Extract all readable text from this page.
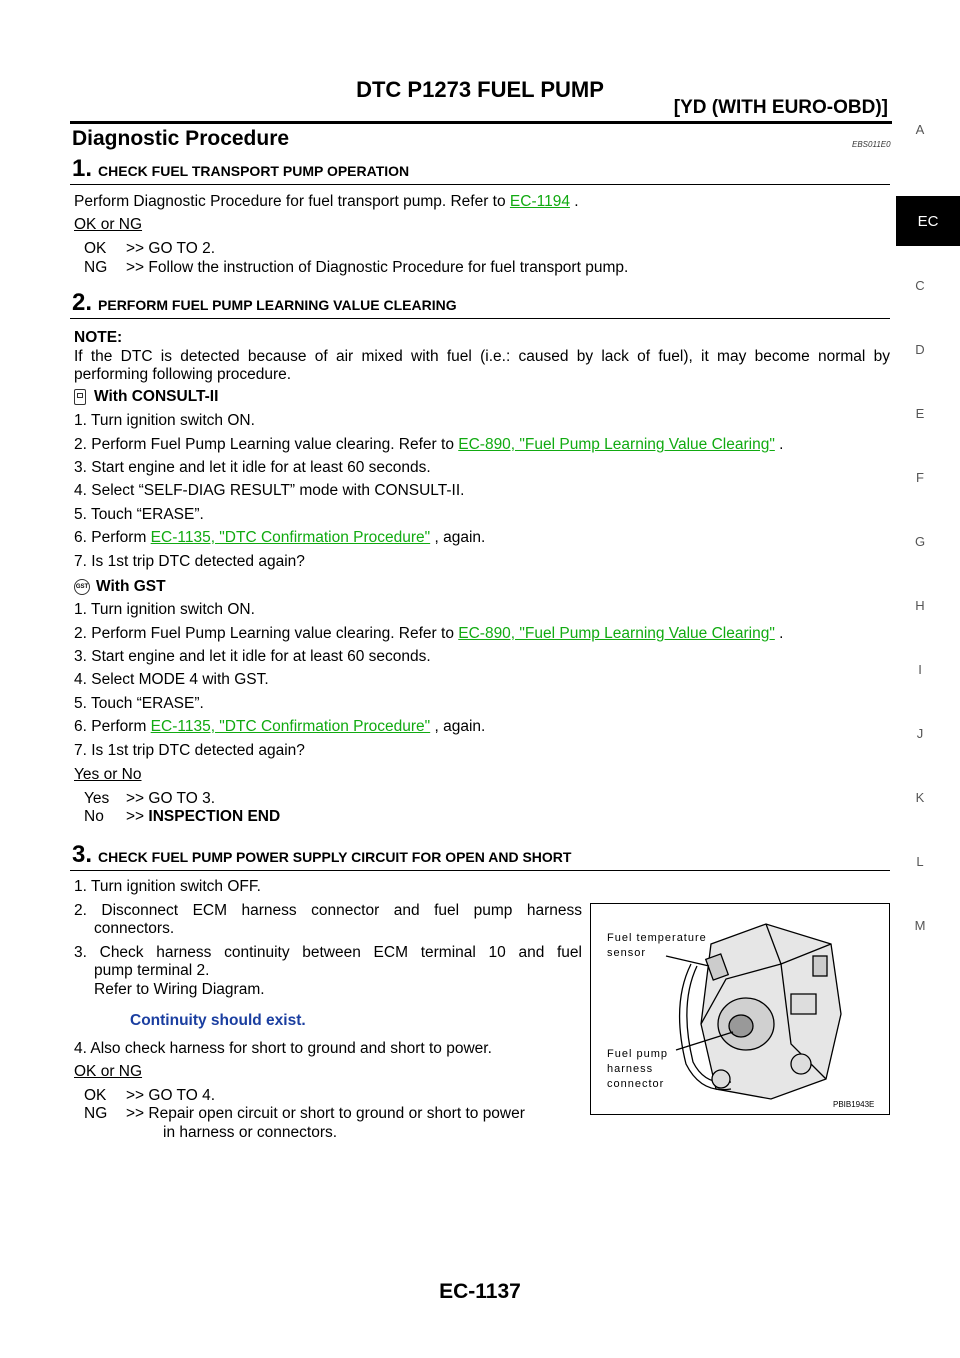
DTC P1273 FUEL PUMP
[YD (WITH EURO-OBD)]
A
EC
C
D
E
F
G
H
I
J
K
L
M
Diagnostic Procedure	EBS011E0
1. CHECK FUEL TRANSPORT PUMP OPERATION
Perform Diagnostic Procedure for fuel transport pump. Refer to EC-1194 .
OK or NG
OK >> GO TO 2.
NG >> Follow the instruction of Diagnostic Procedure for fuel transport pump.
2. PERFORM FUEL PUMP LEARNING VALUE CLEARING
NOTE:
If the DTC is detected because of air mixed with fuel (i.e.: caused by lack of fuel), it may become normal by
performing following procedure.
With CONSULT-II
1. Turn ignition switch ON.
2. Perform Fuel Pump Learning value clearing. Refer to EC-890, "Fuel Pump Learning Value Clearing" .
3. Start engine and let it idle for at least 60 seconds.
4. Select “SELF-DIAG RESULT” mode with CONSULT-II.
5. Touch “ERASE”.
6. Perform EC-1135, "DTC Confirmation Procedure" , again.
7. Is 1st trip DTC detected again?
GST With GST
1. Turn ignition switch ON.
2. Perform Fuel Pump Learning value clearing. Refer to EC-890, "Fuel Pump Learning Value Clearing" .
3. Start engine and let it idle for at least 60 seconds.
4. Select MODE 4 with GST.
5. Touch “ERASE”.
6. Perform EC-1135, "DTC Confirmation Procedure" , again.
7. Is 1st trip DTC detected again?
Yes or No
Yes >> GO TO 3.
No >> INSPECTION END
3. CHECK FUEL PUMP POWER SUPPLY CIRCUIT FOR OPEN AND SHORT
1. Turn ignition switch OFF.
2. Disconnect ECM harness connector and fuel pump harness
connectors.
3. Check harness continuity between ECM terminal 10 and fuel
pump terminal 2.
Refer to Wiring Diagram.
Continuity should exist.
4. Also check harness for short to ground and short to power.
OK or NG
OK >> GO TO 4.
NG >> Repair open circuit or short to ground or short to power
in harness or connectors.
Fuel temperature
sensor
Fuel pump
harness
connector
PBIB1943E
EC-1137
